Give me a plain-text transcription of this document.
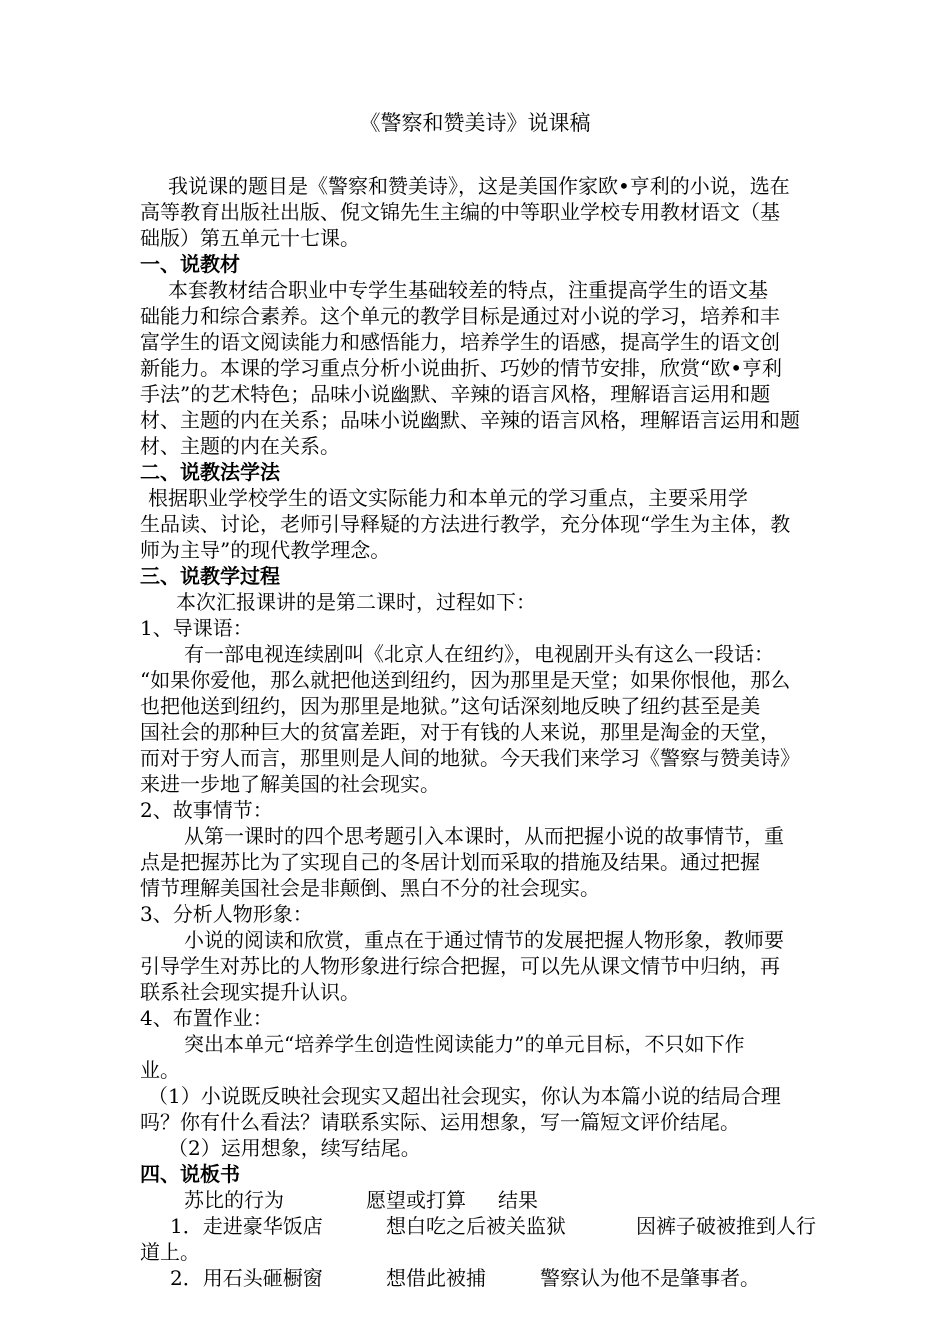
《警察和赞美诗》说课稿
我说课的题目是《警察和赞美诗》，这是美国作家欧•亨利的小说，选在
高等教育出版社出版、倪文锦先生主编的中等职业学校专用教材语文（基
础版）第五单元十七课。
一、说教材
本套教材结合职业中专学生基础较差的特点，注重提高学生的语文基
础能力和综合素养。这个单元的教学目标是通过对小说的学习，培养和丰
富学生的语文阅读能力和感悟能力，培养学生的语感，提高学生的语文创
新能力。本课的学习重点分析小说曲折、巧妙的情节安排，欣赏“欧•亨利
手法”的艺术特色；品味小说幽默、辛辣的语言风格，理解语言运用和题
材、主题的内在关系；品味小说幽默、辛辣的语言风格，理解语言运用和题
材、主题的内在关系。
二、说教法学法
根据职业学校学生的语文实际能力和本单元的学习重点，主要采用学
生品读、讨论，老师引导释疑的方法进行教学，充分体现“学生为主体，教
师为主导”的现代教学理念。
三、说教学过程
本次汇报课讲的是第二课时，过程如下：
1、导课语：
有一部电视连续剧叫《北京人在纽约》，电视剧开头有这么一段话：
“如果你爱他，那么就把他送到纽约，因为那里是天堂；如果你恨他，那么
也把他送到纽约，因为那里是地狱。”这句话深刻地反映了纽约甚至是美
国社会的那种巨大的贫富差距，对于有钱的人来说，那里是淘金的天堂，
而对于穷人而言，那里则是人间的地狱。今天我们来学习《警察与赞美诗》
来进一步地了解美国的社会现实。
2、故事情节：
从第一课时的四个思考题引入本课时，从而把握小说的故事情节，重
点是把握苏比为了实现自己的冬居计划而采取的措施及结果。通过把握
情节理解美国社会是非颠倒、黑白不分的社会现实。
3、分析人物形象：
小说的阅读和欣赏，重点在于通过情节的发展把握人物形象，教师要
引导学生对苏比的人物形象进行综合把握，可以先从课文情节中归纳，再
联系社会现实提升认识。
4、布置作业：
突出本单元“培养学生创造性阅读能力”的单元目标，不只如下作
业。
（1）小说既反映社会现实又超出社会现实，你认为本篇小说的结局合理
吗？你有什么看法？请联系实际、运用想象，写一篇短文评价结尾。
（2）运用想象，续写结尾。
四、说板书
苏比的行为	愿望或打算 结果
1．走进豪华饭店	想白吃之后被关监狱	因裤子破被推到人行
道上。
2．用石头砸橱窗	想借此被捕	警察认为他不是肇事者。
